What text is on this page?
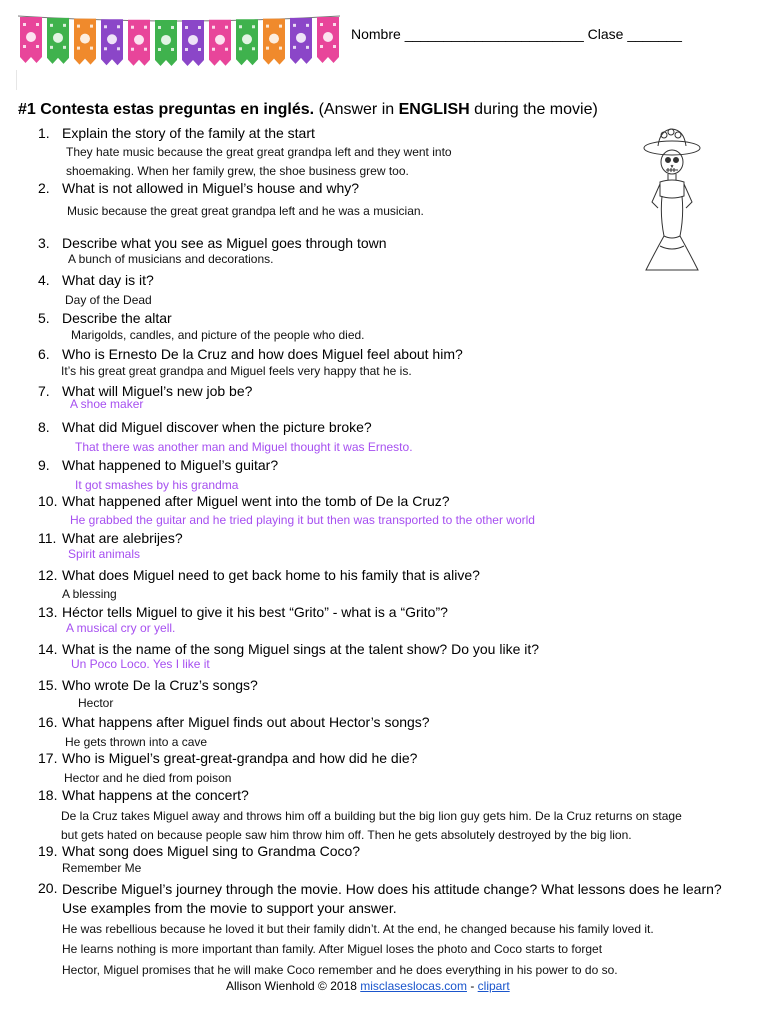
Nombre _______________________ Clase _______
#1 Contesta estas preguntas en inglés. (Answer in ENGLISH during the movie)
1. Explain the story of the family at the start
2. What is not allowed in Miguel’s house and why?
3. Describe what you see as Miguel goes through town
4. What day is it?
5. Describe the altar
6. Who is Ernesto De la Cruz and how does Miguel feel about him?
7. What will Miguel’s new job be?
8. What did Miguel discover when the picture broke?
9. What happened to Miguel’s guitar?
10. What happened after Miguel went into the tomb of De la Cruz?
11. What are alebrijes?
12. What does Miguel need to get back home to his family that is alive?
13. Héctor tells Miguel to give it his best “Grito” - what is a “Grito”?
14. What is the name of the song Miguel sings at the talent show? Do you like it?
15. Who wrote De la Cruz’s songs?
16. What happens after Miguel finds out about Hector’s songs?
17. Who is Miguel’s great-great-grandpa and how did he die?
18. What happens at the concert?
19. What song does Miguel sing to Grandma Coco?
20. Describe Miguel’s journey through the movie. How does his attitude change? What lessons does he learn? Use examples from the movie to support your answer.
They hate music because the great great grandpa left and they went into
shoemaking. When her family grew, the shoe business grew too.
Music because the great great grandpa left and he was a musician.
A bunch of musicians and decorations.
Day of the Dead
Marigolds, candles, and picture of the people who died.
It’s his great great grandpa and Miguel feels very happy that he is.
A shoe maker
That there was another man and Miguel thought it was Ernesto.
It got smashes by his grandma
He grabbed the guitar and he tried playing it but then was transported to the other world
Spirit animals
A blessing
A musical cry or yell.
Un Poco Loco. Yes I like it
Hector
He gets thrown into a cave
Hector and he died from poison
De la Cruz takes Miguel away and throws him off a building but the big lion guy gets him. De la Cruz returns on stage
but gets hated on because people saw him throw him off. Then he gets absolutely destroyed by the big lion.
Remember Me
He was rebellious because he loved it but their family didn’t. At the end, he changed because his family loved it.
He learns nothing is more important than family. After Miguel loses the photo and Coco starts to forget
Hector, Miguel promises that he will make Coco remember and he does everything in his power to do so.
Allison Wienhold © 2018 misclaseslocas.com - clipart
